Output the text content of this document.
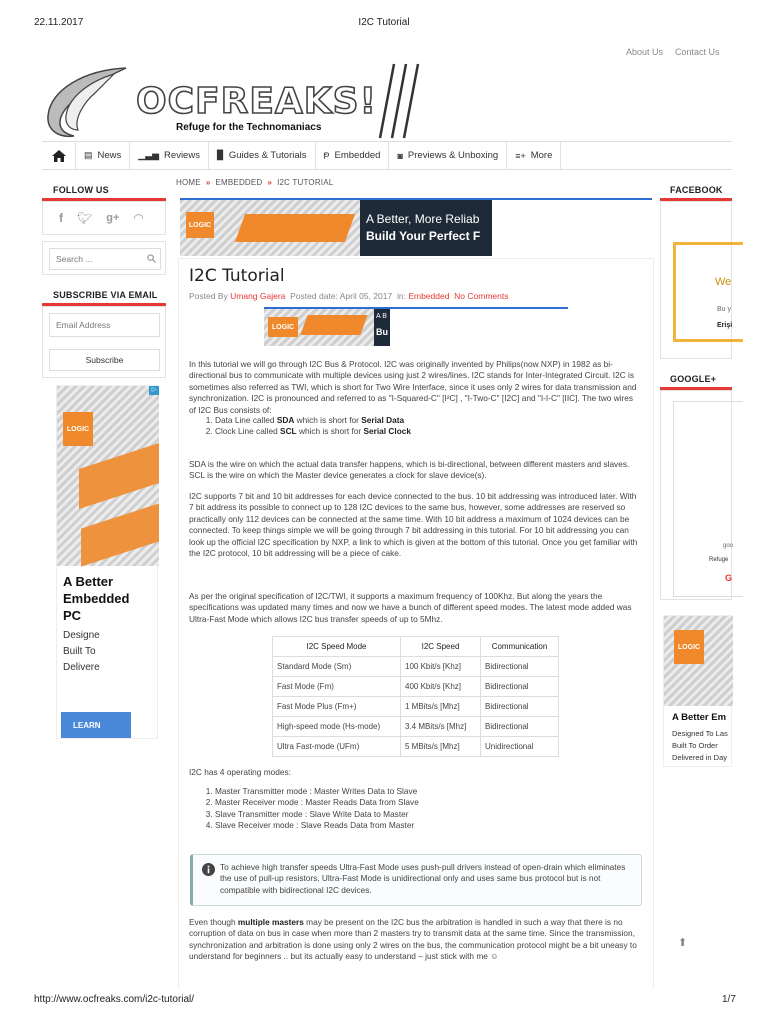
22.11.2017	I2C Tutorial
http://www.ocfreaks.com/i2c-tutorial/	1/7
About Us Contact Us
OCFREAKS!
Refuge for the Technomaniacs
▤ News ▁▃▅ Reviews ▉ Guides & Tutorials Ᵽ Embedded ◙ Previews & Unboxing ≡+ More
FOLLOW US
f 🐦︎ g+ ◠
Search ...
SUBSCRIBE VIA EMAIL
Email Address
Subscribe
LOGIC
A Better
Embedded
PC
Designe
Built To
Delivere
LEARN
▷
FACEBOOK
We
Bu y
Erişi
GOOGLE+
goo
Refuge
G
LOGIC
A Better Em
Designed To Las
Built To Order
Delivered in Day
⬆
HOME » EMBEDDED » I2C TUTORIAL
LOGIC	A Better, More Reliab
Build Your Perfect F
I2C Tutorial
Posted By Umang Gajera Posted date: April 05, 2017 in: Embedded No Comments
LOGIC
A B
Bu
In this tutorial we will go through I2C Bus & Protocol. I2C was originally invented by Philips(now NXP) in 1982 as bi-directional bus to communicate with multiple devices using just 2 wires/lines. I2C stands for Inter-Integrated Circuit. I2C is sometimes also referred as TWI, which is short for Two Wire Interface, since it uses only 2 wires for data transmission and synchronization. I2C is pronounced and referred to as "I-Squared-C" [I²C] , "I-Two-C" [I2C] and "I-I-C" [IIC]. The two wires of I2C Bus consists of:
1. Data Line called SDA which is short for Serial Data
2. Clock Line called SCL which is short for Serial Clock
SDA is the wire on which the actual data transfer happens, which is bi-directional, between different masters and slaves. SCL is the wire on which the Master device generates a clock for slave device(s).
I2C supports 7 bit and 10 bit addresses for each device connected to the bus. 10 bit addressing was introduced later. With 7 bit address its possible to connect up to 128 I2C devices to the same bus, however, some addresses are reserved so practically only 112 devices can be connected at the same time. With 10 bit address a maximum of 1024 devices can be connected. To keep things simple we will be going through 7 bit addressing in this tutorial. For 10 bit addressing you can look up the official I2C specification by NXP, a link to which is given at the bottom of this tutorial. Once you get familiar with the I2C protocol, 10 bit addressing will be a piece of cake.
As per the original specification of I2C/TWI, it supports a maximum frequency of 100Khz. But along the years the specifications was updated many times and now we have a bunch of different speed modes. The latest mode added was Ultra-Fast Mode which allows I2C bus transfer speeds of up to 5Mhz.
I2C Speed Mode	I2C Speed	Communication
Standard Mode (Sm)	100 Kbit/s [Khz]	Bidirectional
Fast Mode (Fm)	400 Kbit/s [Khz]	Bidirectional
Fast Mode Plus (Fm+)	1 MBits/s [Mhz]	Bidirectional
High-speed mode (Hs-mode)	3.4 MBits/s [Mhz]	Bidirectional
Ultra Fast-mode (UFm)	5 MBits/s [Mhz]	Unidirectional
I2C has 4 operating modes:
1. Master Transmitter mode : Master Writes Data to Slave
2. Master Receiver mode : Master Reads Data from Slave
3. Slave Transmitter mode : Slave Write Data to Master
4. Slave Receiver mode : Slave Reads Data from Master
To achieve high transfer speeds Ultra-Fast Mode uses push-pull drivers instead of open-drain which eliminates the use of pull-up resistors. Ultra-Fast Mode is unidirectional only and uses same bus protocol but is not compatible with bidirectional I2C devices.
Even though multiple masters may be present on the I2C bus the arbitration is handled in such a way that there is no corruption of data on bus in case when more than 2 masters try to transmit data at the same time. Since the transmission, synchronization and arbitration is done using only 2 wires on the bus, the communication protocol might be a bit uneasy to understand for beginners .. but its actually easy to understand – just stick with me ☺
